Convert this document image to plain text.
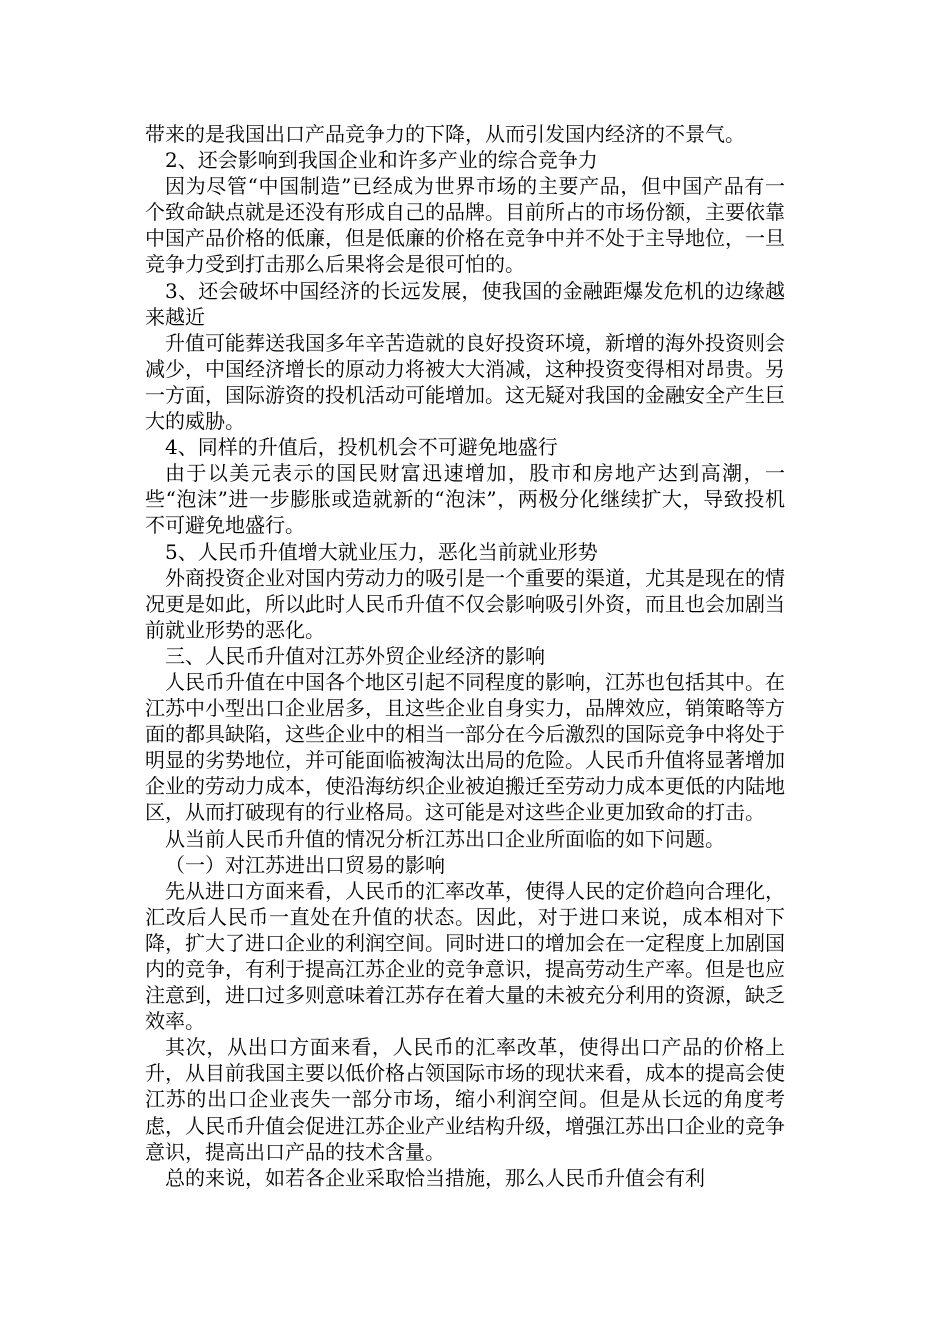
带来的是我国出口产品竞争力的下降，从而引发国内经济的不景气。

2、还会影响到我国企业和许多产业的综合竞争力

因为尽管“中国制造”已经成为世界市场的主要产品，但中国产品有一个致命缺点就是还没有形成自己的品牌。目前所占的市场份额，主要依靠中国产品价格的低廉，但是低廉的价格在竞争中并不处于主导地位，一旦竞争力受到打击那么后果将会是很可怕的。

3、还会破坏中国经济的长远发展，使我国的金融距爆发危机的边缘越来越近

升值可能葬送我国多年辛苦造就的良好投资环境，新增的海外投资则会减少，中国经济增长的原动力将被大大消减，这种投资变得相对昂贵。另一方面，国际游资的投机活动可能增加。这无疑对我国的金融安全产生巨大的威胁。

4、同样的升值后，投机机会不可避免地盛行

由于以美元表示的国民财富迅速增加，股市和房地产达到高潮，一些“泡沫”进一步膨胀或造就新的“泡沫”，两极分化继续扩大，导致投机不可避免地盛行。

5、人民币升值增大就业压力，恶化当前就业形势

外商投资企业对国内劳动力的吸引是一个重要的渠道，尤其是现在的情况更是如此，所以此时人民币升值不仅会影响吸引外资，而且也会加剧当前就业形势的恶化。

三、人民币升值对江苏外贸企业经济的影响

人民币升值在中国各个地区引起不同程度的影响，江苏也包括其中。在江苏中小型出口企业居多，且这些企业自身实力，品牌效应，销策略等方面的都具缺陷，这些企业中的相当一部分在今后激烈的国际竞争中将处于明显的劣势地位，并可能面临被淘汰出局的危险。人民币升值将显著增加企业的劳动力成本，使沿海纺织企业被迫搬迁至劳动力成本更低的内陆地区，从而打破现有的行业格局。这可能是对这些企业更加致命的打击。

从当前人民币升值的情况分析江苏出口企业所面临的如下问题。

（一）对江苏进出口贸易的影响

先从进口方面来看，人民币的汇率改革，使得人民的定价趋向合理化，汇改后人民币一直处在升值的状态。因此，对于进口来说，成本相对下降，扩大了进口企业的利润空间。同时进口的增加会在一定程度上加剧国内的竞争，有利于提高江苏企业的竞争意识，提高劳动生产率。但是也应注意到，进口过多则意味着江苏存在着大量的未被充分利用的资源，缺乏效率。

其次，从出口方面来看，人民币的汇率改革，使得出口产品的价格上升，从目前我国主要以低价格占领国际市场的现状来看，成本的提高会使江苏的出口企业丧失一部分市场，缩小利润空间。但是从长远的角度考虑，人民币升值会促进江苏企业产业结构升级，增强江苏出口企业的竞争意识，提高出口产品的技术含量。

总的来说，如若各企业采取恰当措施，那么人民币升值会有利
